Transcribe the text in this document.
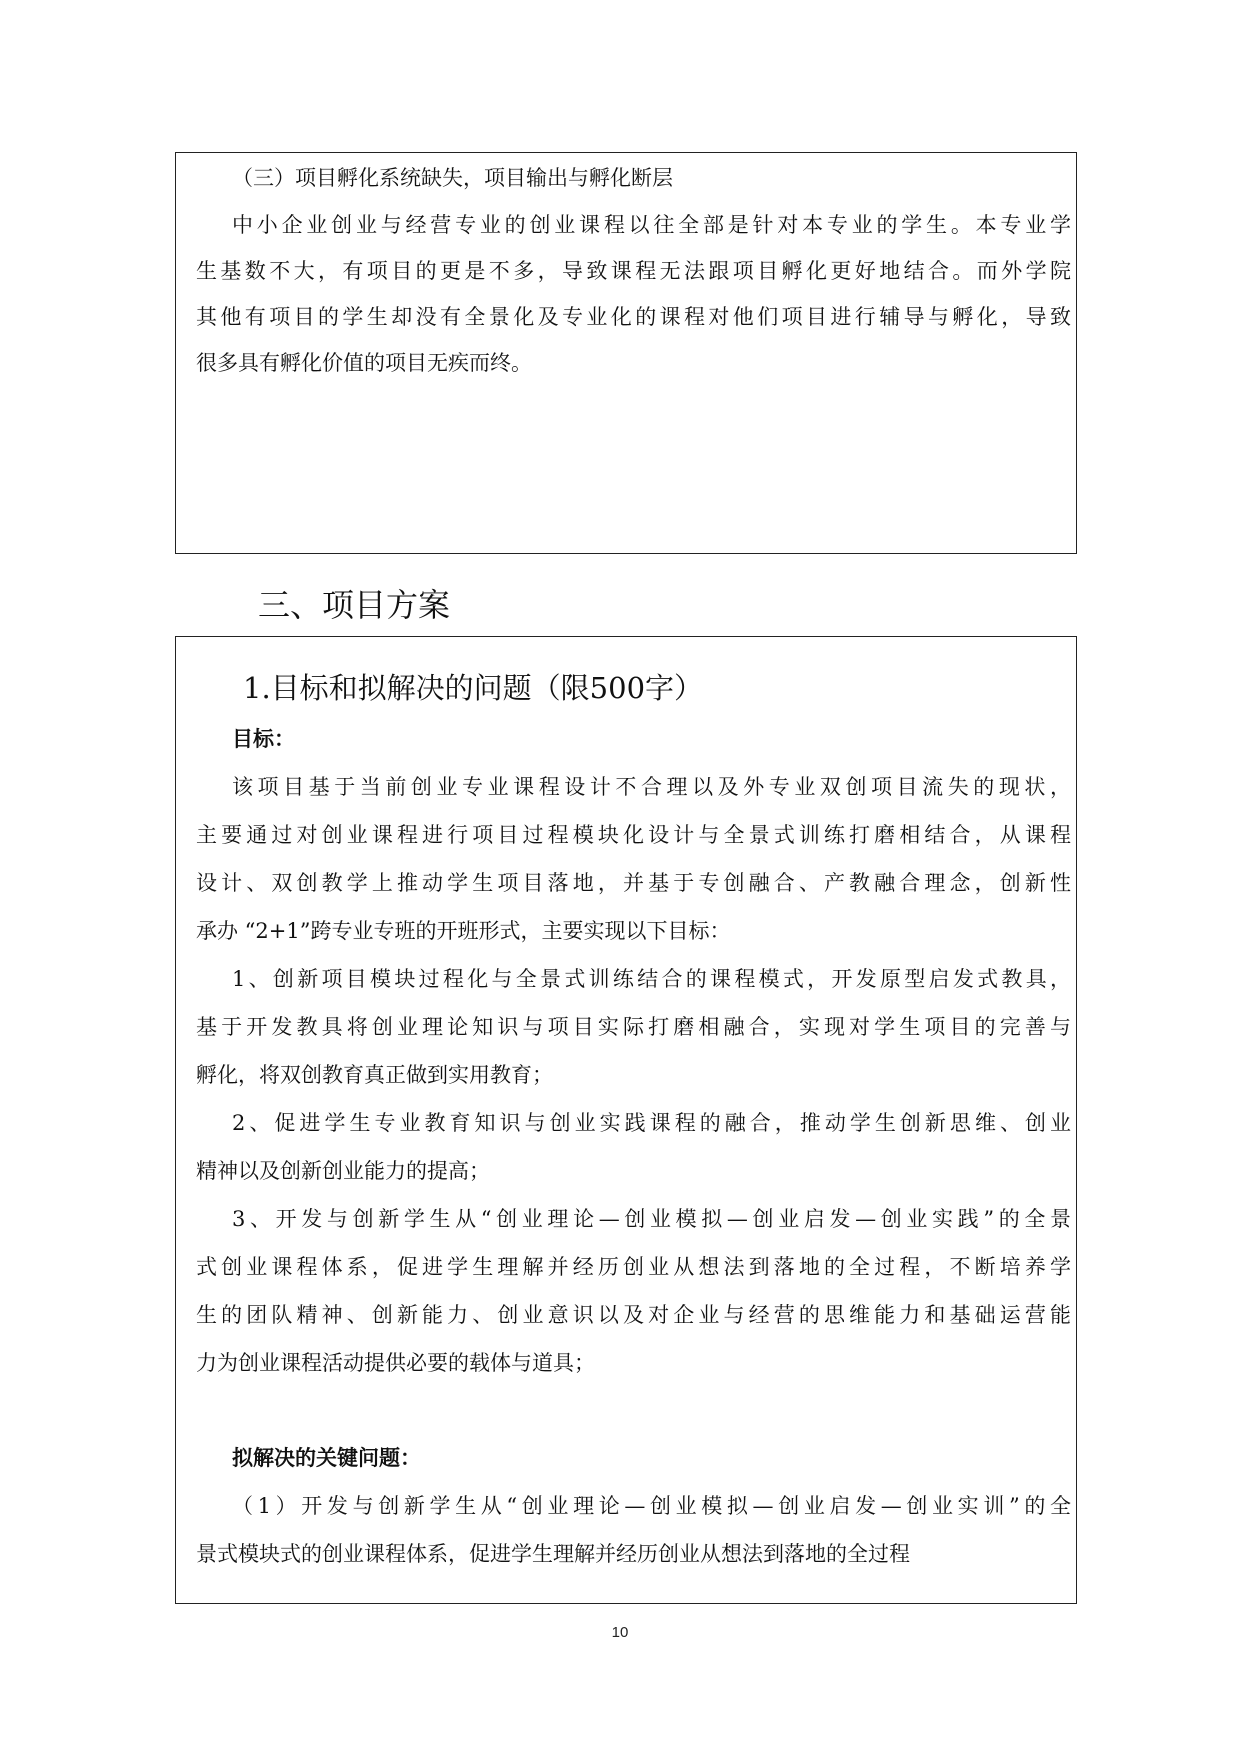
（三）项目孵化系统缺失，项目输出与孵化断层
中小企业创业与经营专业的创业课程以往全部是针对本专业的学生。本专业学
生基数不大，有项目的更是不多，导致课程无法跟项目孵化更好地结合。而外学院
其他有项目的学生却没有全景化及专业化的课程对他们项目进行辅导与孵化，导致
很多具有孵化价值的项目无疾而终。
三、项目方案
1.目标和拟解决的问题（限500字）
目标：
该项目基于当前创业专业课程设计不合理以及外专业双创项目流失的现状，
主要通过对创业课程进行项目过程模块化设计与全景式训练打磨相结合，从课程
设计、双创教学上推动学生项目落地，并基于专创融合、产教融合理念，创新性
承办 “2+1”跨专业专班的开班形式，主要实现以下目标：
1、创新项目模块过程化与全景式训练结合的课程模式，开发原型启发式教具，
基于开发教具将创业理论知识与项目实际打磨相融合，实现对学生项目的完善与
孵化，将双创教育真正做到实用教育；
2、促进学生专业教育知识与创业实践课程的融合，推动学生创新思维、创业
精神以及创新创业能力的提高；
3、开发与创新学生从“创业理论—创业模拟—创业启发—创业实践”的全景
式创业课程体系，促进学生理解并经历创业从想法到落地的全过程，不断培养学
生的团队精神、创新能力、创业意识以及对企业与经营的思维能力和基础运营能
力为创业课程活动提供必要的载体与道具；
拟解决的关键问题：
（1）开发与创新学生从“创业理论—创业模拟—创业启发—创业实训”的全
景式模块式的创业课程体系，促进学生理解并经历创业从想法到落地的全过程
10
